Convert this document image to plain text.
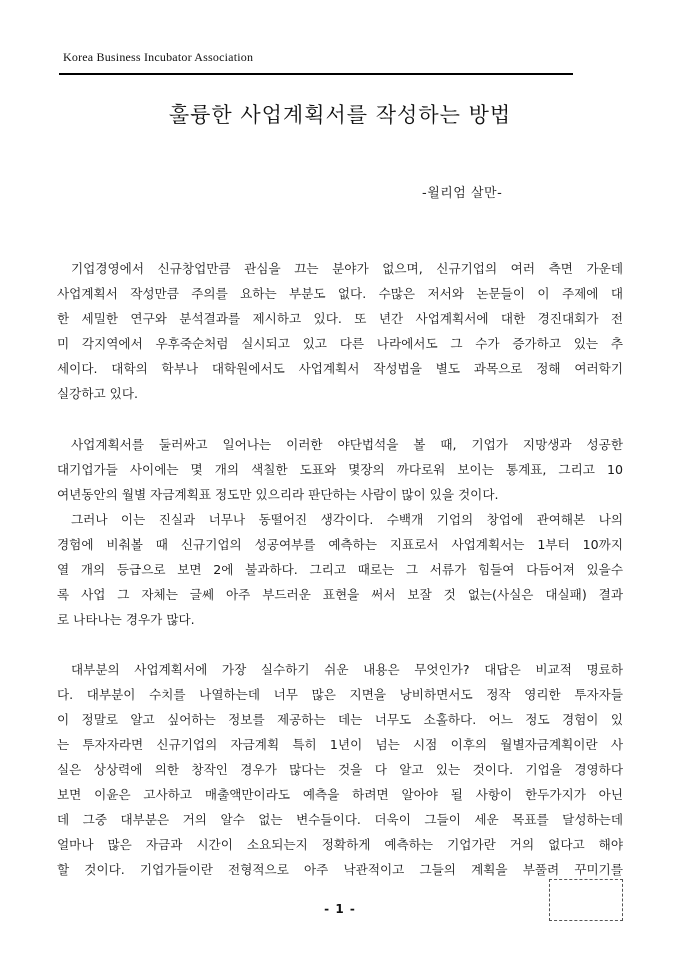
Korea Business Incubator Association
훌륭한 사업계획서를 작성하는 방법
-윌리엄 살만-
기업경영에서 신규창업만큼 관심을 끄는 분야가 없으며, 신규기업의 여러 측면 가운데
사업계획서 작성만큼 주의를 요하는 부분도 없다. 수많은 저서와 논문들이 이 주제에 대
한 세밀한 연구와 분석결과를 제시하고 있다. 또 년간 사업계획서에 대한 경진대회가 전
미 각지역에서 우후죽순처럼 실시되고 있고 다른 나라에서도 그 수가 증가하고 있는 추
세이다. 대학의 학부나 대학원에서도 사업계획서 작성법을 별도 과목으로 정해 여러학기
실강하고 있다.
사업계획서를 둘러싸고 일어나는 이러한 야단법석을 볼 때, 기업가 지망생과 성공한
대기업가들 사이에는 몇 개의 색칠한 도표와 몇장의 까다로워 보이는 통계표, 그리고 10
여년동안의 월별 자금계획표 정도만 있으리라 판단하는 사람이 많이 있을 것이다.
그러나 이는 진실과 너무나 동떨어진 생각이다. 수백개 기업의 창업에 관여해본 나의
경험에 비춰볼 때 신규기업의 성공여부를 예측하는 지표로서 사업계획서는 1부터 10까지
열 개의 등급으로 보면 2에 불과하다. 그리고 때로는 그 서류가 힘들여 다듬어져 있을수
록 사업 그 자체는 글쎄 아주 부드러운 표현을 써서 보잘 것 없는(사실은 대실패) 결과
로 나타나는 경우가 많다.
대부분의 사업계획서에 가장 실수하기 쉬운 내용은 무엇인가? 대답은 비교적 명료하
다. 대부분이 수치를 나열하는데 너무 많은 지면을 낭비하면서도 정작 영리한 투자자들
이 정말로 알고 싶어하는 정보를 제공하는 데는 너무도 소홀하다. 어느 정도 경험이 있
는 투자자라면 신규기업의 자금계획 특히 1년이 넘는 시점 이후의 월별자금계획이란 사
실은 상상력에 의한 창작인 경우가 많다는 것을 다 알고 있는 것이다. 기업을 경영하다
보면 이윤은 고사하고 매출액만이라도 예측을 하려면 알아야 될 사항이 한두가지가 아닌
데 그중 대부분은 거의 알수 없는 변수들이다. 더욱이 그들이 세운 목표를 달성하는데
얼마나 많은 자금과 시간이 소요되는지 정확하게 예측하는 기업가란 거의 없다고 해야
할 것이다. 기업가들이란 전형적으로 아주 낙관적이고 그들의 계획을 부풀려 꾸미기를
- 1 -
